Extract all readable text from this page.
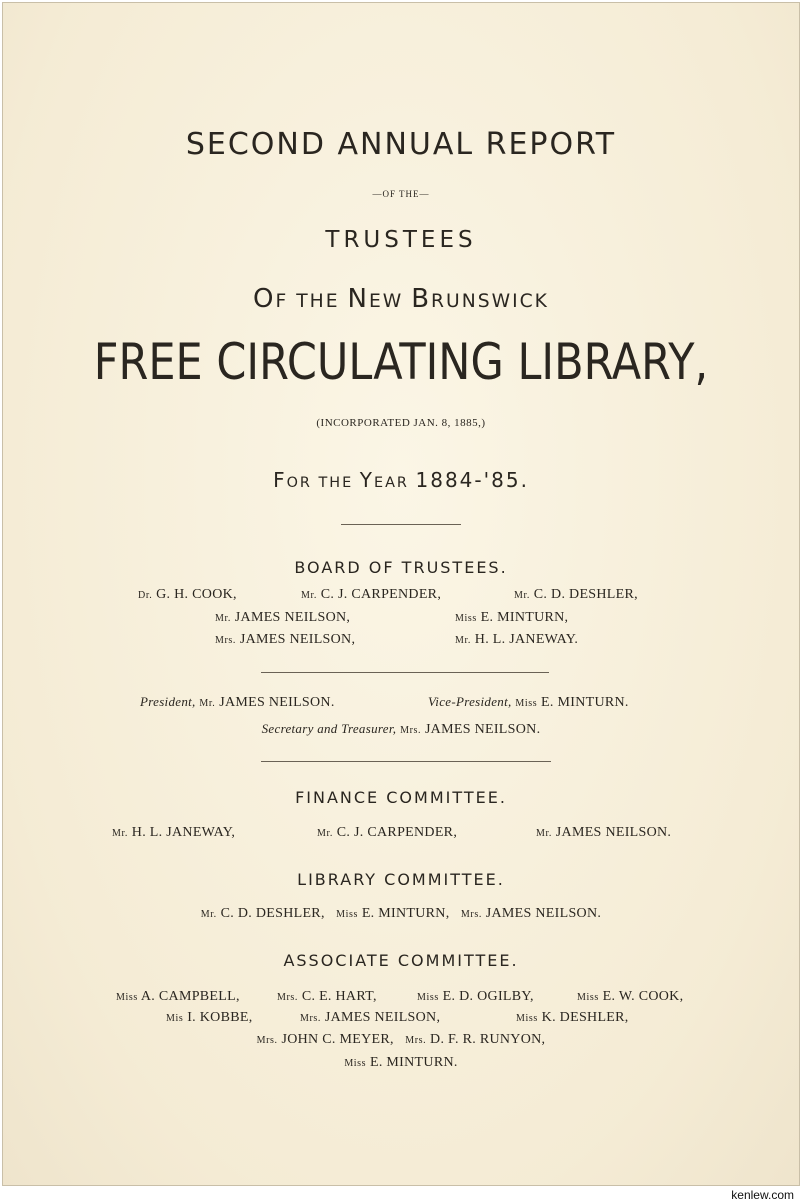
SECOND ANNUAL REPORT
—OF THE—
TRUSTEES
OF THE NEW BRUNSWICK
FREE CIRCULATING LIBRARY,
(INCORPORATED JAN. 8, 1885,)
FOR THE YEAR 1884-'85.
BOARD OF TRUSTEES.
Dr. G. H. COOK,	Mr. C. J. CARPENDER,	Mr. C. D. DESHLER,
Mr. JAMES NEILSON,	Miss E. MINTURN,
Mrs. JAMES NEILSON,	Mr. H. L. JANEWAY.
President, Mr. JAMES NEILSON.	Vice-President, Miss E. MINTURN.
Secretary and Treasurer, Mrs. JAMES NEILSON.
FINANCE COMMITTEE.
Mr. H. L. JANEWAY,	Mr. C. J. CARPENDER,	Mr. JAMES NEILSON.
LIBRARY COMMITTEE.
Mr. C. D. DESHLER, Miss E. MINTURN, Mrs. JAMES NEILSON.
ASSOCIATE COMMITTEE.
Miss A. CAMPBELL,	Mrs. C. E. HART,	Miss E. D. OGILBY,	Miss E. W. COOK,
Mis I. KOBBE,	Mrs. JAMES NEILSON,	Miss K. DESHLER,
Mrs. JOHN C. MEYER, Mrs. D. F. R. RUNYON,
Miss E. MINTURN.
kenlew.com
